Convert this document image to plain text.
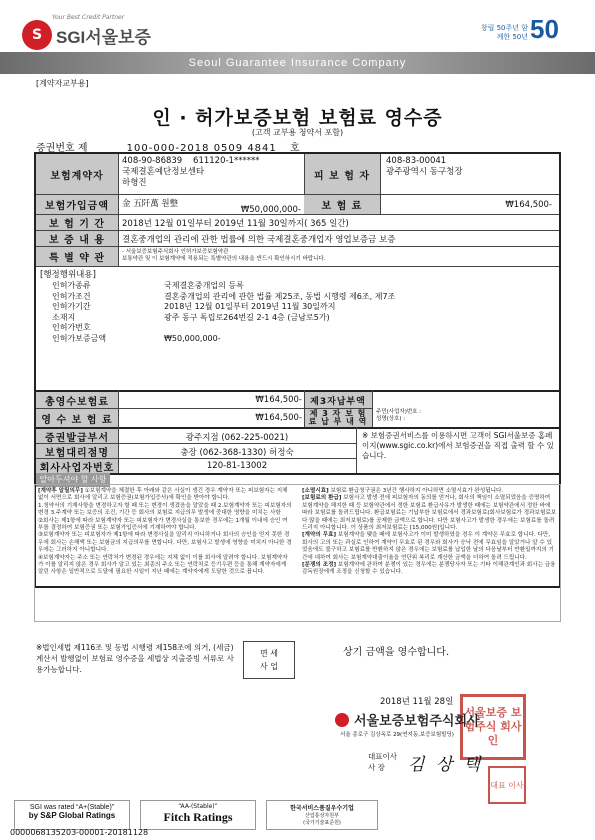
Your Best Credit Partner
S SGI서울보증	창립 50주년 함께한 50년 50
Seoul Guarantee Insurance Company
[계약자교부용]
인 · 허가보증보험 보험료 영수증
(고객 교부용 청약서 포함)
증권번호 제	100-000-2018 0509 4841 호
보험계약자
408-90-86839 611120-1******
국제결혼예단정보센타
하형진
피 보 험 자
408-83-00041
광주광역시 동구청장
보험가입금액	金 五阡萬 원整
₩50,000,000-	보 험 료	₩164,500-
보 험 기 간	2018년 12월 01일부터 2019년 11월 30일까지( 365 일간)
보 증 내 용	결혼중개업의 관리에 관한 법률에 의한 국제결혼중개업자 영업보증금 보증
특 별 약 관
- 서울보증보험주식회사 인허가보증보험약관
보통약관 및 이 보험계약에 적용되는 특별약관의 내용을 반드시 확인하시기 바랍니다.
[행정행위내용]
인허가종류	국제결혼중개업의 등록
인허가조건	결혼중개업의 관리에 관한 법률 제25조, 동법 시행령 제6조, 제7조
인허가기간	2018년 12월 01일부터 2019년 11월 30일까지
소재지	광주 동구 독립로264번길 2-1 4층 (금남로5가)
인허가번호
인허가보증금액	₩50,000,000-
총영수보험료	₩164,500- 제3자납부액
영 수 보 험 료	₩164,500- 제 3 자 보 험 료 납 부 내 역
주민(사업자)번호 :
성명(상호) :
증권발급부서	광주지점 (062-225-0021)
보험대리점명	충장 (062-368-1330) 허정숙
회사사업자번호	120-81-13002
※ 보험증권서비스를 이용하시면 고객이 SGI서울보증 홈페이지(www.sgic.co.kr)에서 보험증권을 직접 출력 할 수 있습니다.
알아두셔야 할 사항
[계약후 알릴의무] ①보험계약을 체결한 후 아래와 같은 사실이 생긴 경우 계약자 또는 피보험자는 지체없이 서면으로 회사에 알리고 보험증권(보험가입증서)에 확인을 받아야 합니다.
1.청약서의 기재사항을 변경하고자 할 때 또는 변경이 생겼음을 알았을 때 2.보험계약자 또는 피보험자의 변경 3.주계약 또는 보증의 조건, 기간 등 회사의 보험료 지급의무 발생에 중대한 영향을 미치는 사항
②회사는 제1항에 따라 보험계약자 또는 피보험자가 변경사실을 통보한 경우에는 1개월 이내에 승인 여부를 결정하여 보험증권 또는 보험가입증서에 기재하여야 합니다.
③보험계약자 또는 피보험자가 제1항에 따라 변경사실을 알리지 아니하거나 회사의 승인을 얻지 못한 경우에 회사는 손해액 또는 보험금의 지급의무를 면합니다. 다만, 보험사고 발생에 영향을 미치지 아니한 경우에는 그러하지 아니합니다.
④보험계약자는 주소 또는 연락처가 변경된 경우에는 지체 없이 이를 회사에 알려야 합니다. 보험계약자가 이를 알리지 않은 경우 회사가 알고 있는 최종의 주소 또는 연락처로 등기우편 등을 통해 계약자에게 알린 사항은 일반적으로 도달에 필요한 시일이 지난 때에는 계약자에게 도달한 것으로 봅니다.
[소멸시효] 보험료 환급청구권은 3년간 행사하지 아니하면 소멸시효가 완성됩니다.
[보험료의 환급] 보험사고 발생 전에 피보험자의 동의를 얻거나, 회사의 책임이 소멸되었음을 증명하여 보험계약을 해지한 때 등 보험약관에서 정한 보험료 환급사유가 발생한 때에는 보험약관에서 정한 바에 따라 보험료를 돌려드립니다. 환급보험료는 기납부한 보험료에서 경과보험료(회사보험료가 경과보험료보다 많을 때에는 최저보험료)를 공제한 금액으로 합니다. 다만 보험사고가 발생한 경우에는 보험료를 돌려드리지 아니합니다. 이 상품의 최저보험료는 [15,000원]입니다.
[계약의 무효] 보험계약을 맺을 때에 보험사고가 이미 발생하였을 경우 이 계약은 무효로 합니다. 다만, 회사의 고의 또는 과실로 인하여 계약이 무효로 된 경우와 회사가 승낙 전에 무효임을 알았거나 알 수 있었음에도 불구하고 보험료를 반환하지 않은 경우에는 보험료를 납입한 날의 다음날부터 반환일까지의 기간에 대하여 회사는 보험계약대출이율을 연단위 복리로 계산한 금액을 더하여 돌려 드립니다.
[분쟁의 조정] 보험계약에 관하여 분쟁이 있는 경우에는 분쟁당사자 또는 기타 이해관계인과 회사는 금융감독원장에게 조정을 신청할 수 있습니다.
※법인세법 제116조 및 동법 시행령 제158조에 의거, (세금)계산서 발행없이 보험료 영수증을 세법상 지출증빙 서류로 사용가능합니다.
면 세
사 업
상기 금액을 영수합니다.
2018년 11월 28일
서울보증 보험주식 회사인
서울보증보험주식회사
서울 종로구 김상옥로 29(연지동,보증보험빌딩)
대표이사
사 장	김 상 택
대표 이사
SGI was rated “A+(Stable)”
by S&P Global Ratings
“AA-(Stable)”
Fitch Ratings
한국서비스품질우수기업
산업통상자원부
(국가기술표준원)
0000068135203-00001-20181128
